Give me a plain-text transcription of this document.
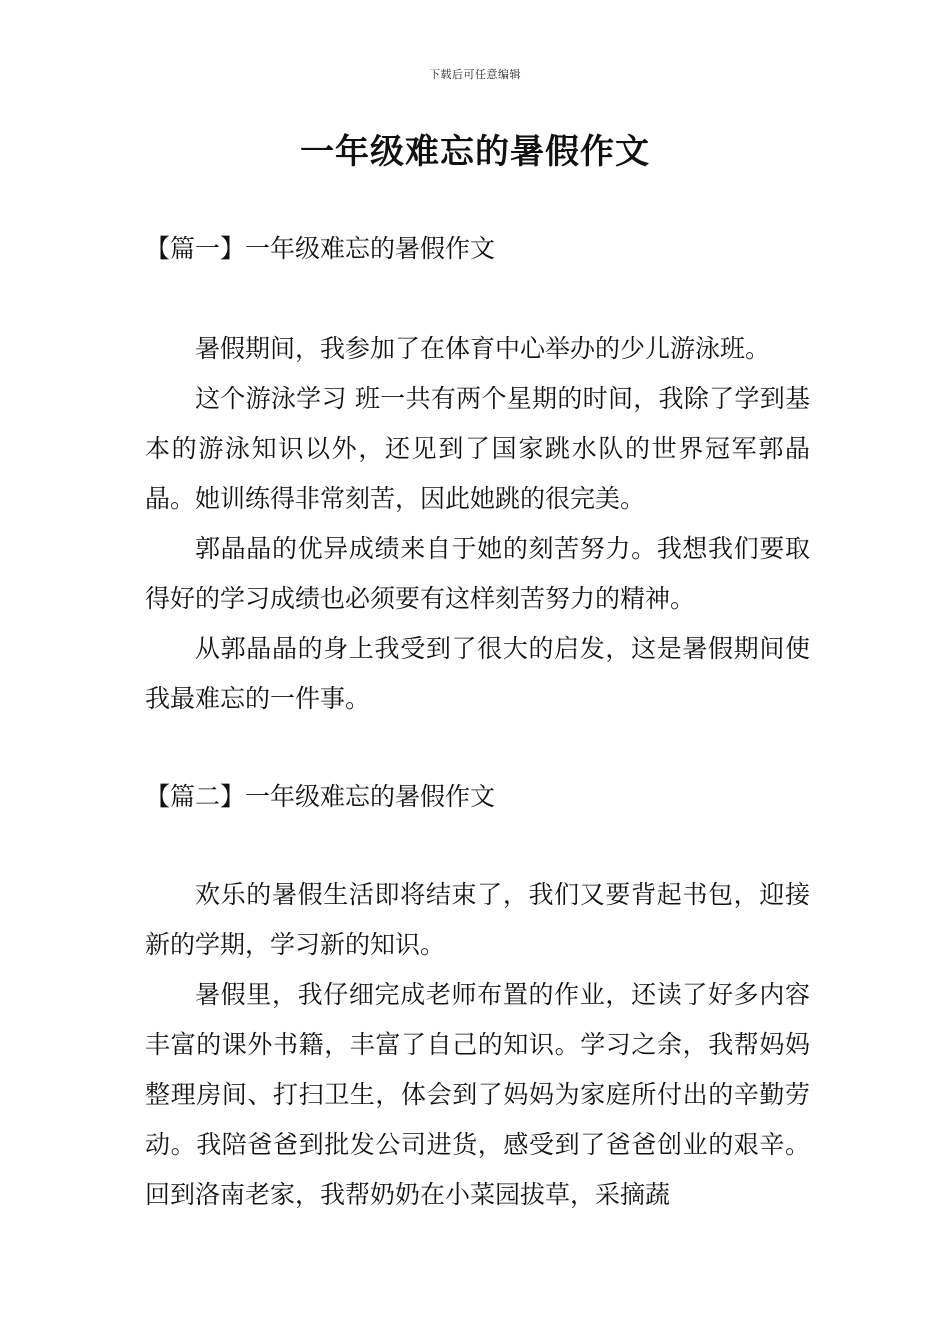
下载后可任意编辑
一年级难忘的暑假作文
【篇一】一年级难忘的暑假作文

暑假期间，我参加了在体育中心举办的少儿游泳班。

这个游泳学习 班一共有两个星期的时间，我除了学到基本的游泳知识以外，还见到了国家跳水队的世界冠军郭晶晶。她训练得非常刻苦，因此她跳的很完美。

郭晶晶的优异成绩来自于她的刻苦努力。我想我们要取得好的学习成绩也必须要有这样刻苦努力的精神。

从郭晶晶的身上我受到了很大的启发，这是暑假期间使我最难忘的一件事。

【篇二】一年级难忘的暑假作文

欢乐的暑假生活即将结束了，我们又要背起书包，迎接新的学期，学习新的知识。

暑假里，我仔细完成老师布置的作业，还读了好多内容丰富的课外书籍，丰富了自己的知识。学习之余，我帮妈妈整理房间、打扫卫生，体会到了妈妈为家庭所付出的辛勤劳动。我陪爸爸到批发公司进货，感受到了爸爸创业的艰辛。回到洛南老家，我帮奶奶在小菜园拔草，采摘蔬
